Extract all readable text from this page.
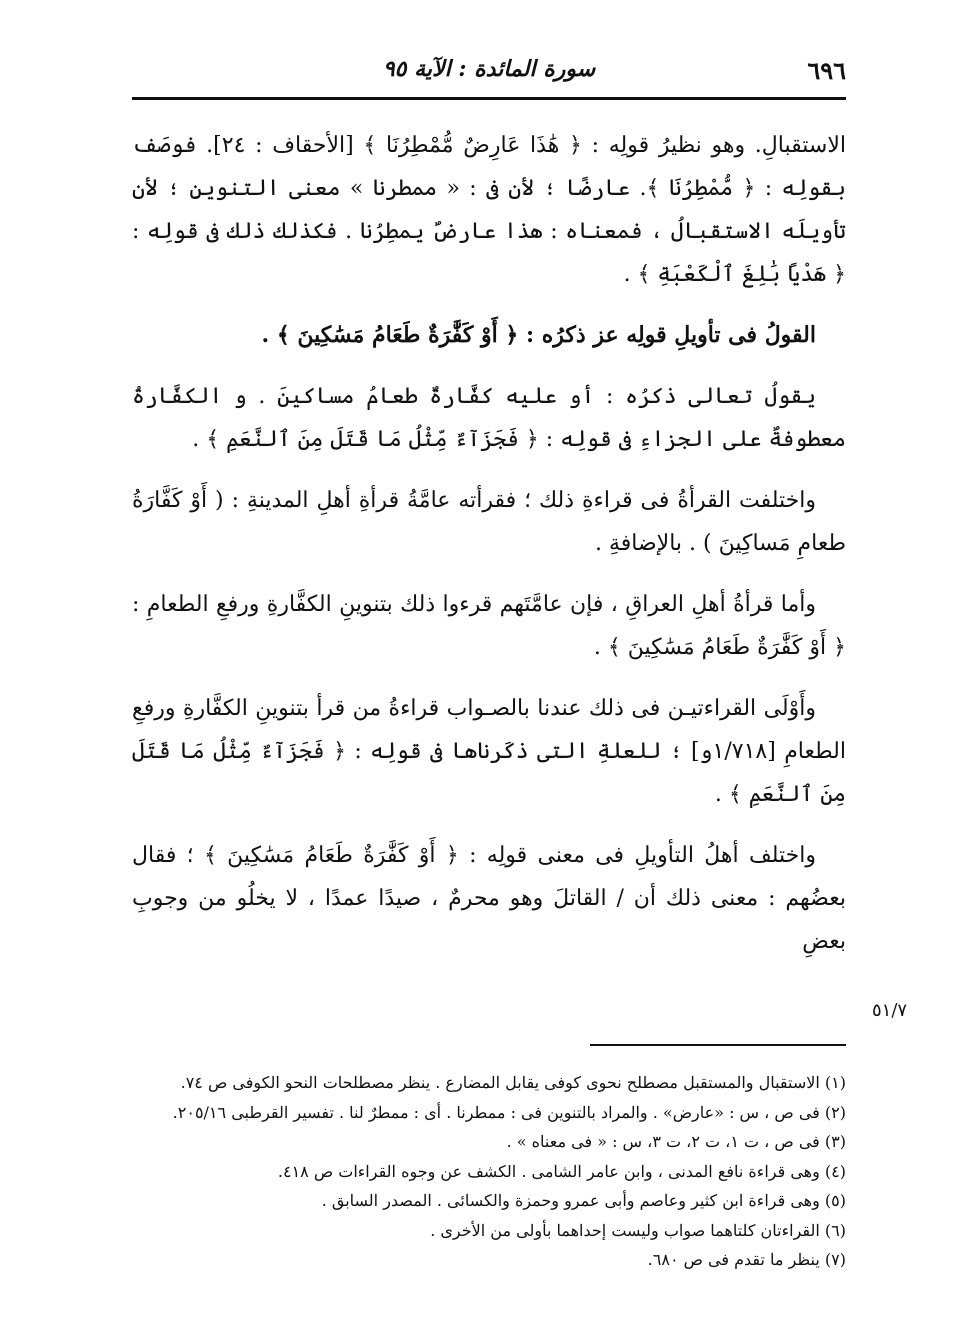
٦٩٦
سورة المائدة : الآية ٩٥

الاستقبالِ. وهو نظيرُ قولِه : ﴿ هَٰذَا عَارِضٌ مُّمْطِرُنَا ﴾ [الأحقاف : ٢٤]. فوصَف بقولِه : ﴿ مُّمْطِرُنَا ﴾. عارضًا ؛ لأن فى : « ممطرنا » معنى التنوينِ ؛ لأن تأويلَه الاستقبالُ ، فمعناه : هذا عارضٌ يمطِرُنا . فكذلك ذلك فى قولِه : ﴿ هَدْيًا بَٰلِغَ ٱلْكَعْبَةِ ﴾ .

القولُ فى تأويلِ قولِه عز ذكرُه : ﴿ أَوْ كَفَّٰرَةٌ طَعَامُ مَسَٰكِينَ ﴾ .

يقولُ تعالى ذكرُه : أو عليه كفَّارةٌ طعامُ مساكينَ . و الكفَّارةُ معطوفةٌ على الجزاءِ فى قولِه : ﴿ فَجَزَآءٌ مِّثْلُ مَا قَتَلَ مِنَ ٱلنَّعَمِ ﴾ .

واختلفت القرأةُ فى قراءةِ ذلك ؛ فقرأته عامَّةُ قرأةِ أهلِ المدينةِ : ( أَوْ كَفَّارَةُ طعامِ مَساكِينَ ) . بالإضافةِ .

وأما قرأةُ أهلِ العراقِ ، فإن عامَّتَهم قرءوا ذلك بتنوينِ الكفَّارةِ ورفعِ الطعامِ : ﴿ أَوْ كَفَّٰرَةٌ طَعَامُ مَسَٰكِينَ ﴾ .

وأَوْلَى القراءتيـن فى ذلك عندنا بالصـواب قراءةُ من قرأ بتنوينِ الكفَّارةِ ورفعِ الطعامِ [١/٧١٨و] ؛ للعلةِ التى ذكَرناها فى قولِه : ﴿ فَجَزَآءٌ مِّثْلُ مَا قَتَلَ مِنَ ٱلنَّعَمِ ﴾ .

واختلف أهلُ التأويلِ فى معنى قولِه : ﴿ أَوْ كَفَّٰرَةٌ طَعَامُ مَسَٰكِينَ ﴾ ؛ فقال بعضُهم : معنى ذلك أن / القاتلَ وهو محرمٌ ، صيدًا عمدًا ، لا يخلُو من وجوبِ بعضِ

٥١/٧
(١) الاستقبال والمستقبل مصطلح نحوى كوفى يقابل المضارع . ينظر مصطلحات النحو الكوفى ص ٧٤.
(٢) فى ص ، س : «عارض» . والمراد بالتنوين فى : ممطرنا . أى : ممطرٌ لنا . تفسير القرطبى ٢٠٥/١٦.
(٣) فى ص ، ت ١، ت ٢، ت ٣، س : « فى معناه » .
(٤) وهى قراءة نافع المدنى ، وابن عامر الشامى . الكشف عن وجوه القراءات ص ٤١٨.
(٥) وهى قراءة ابن كثير وعاصم وأبى عمرو وحمزة والكسائى . المصدر السابق .
(٦) القراءتان كلتاهما صواب وليست إحداهما بأولى من الأخرى .
(٧) ينظر ما تقدم فى ص ٦٨٠.
